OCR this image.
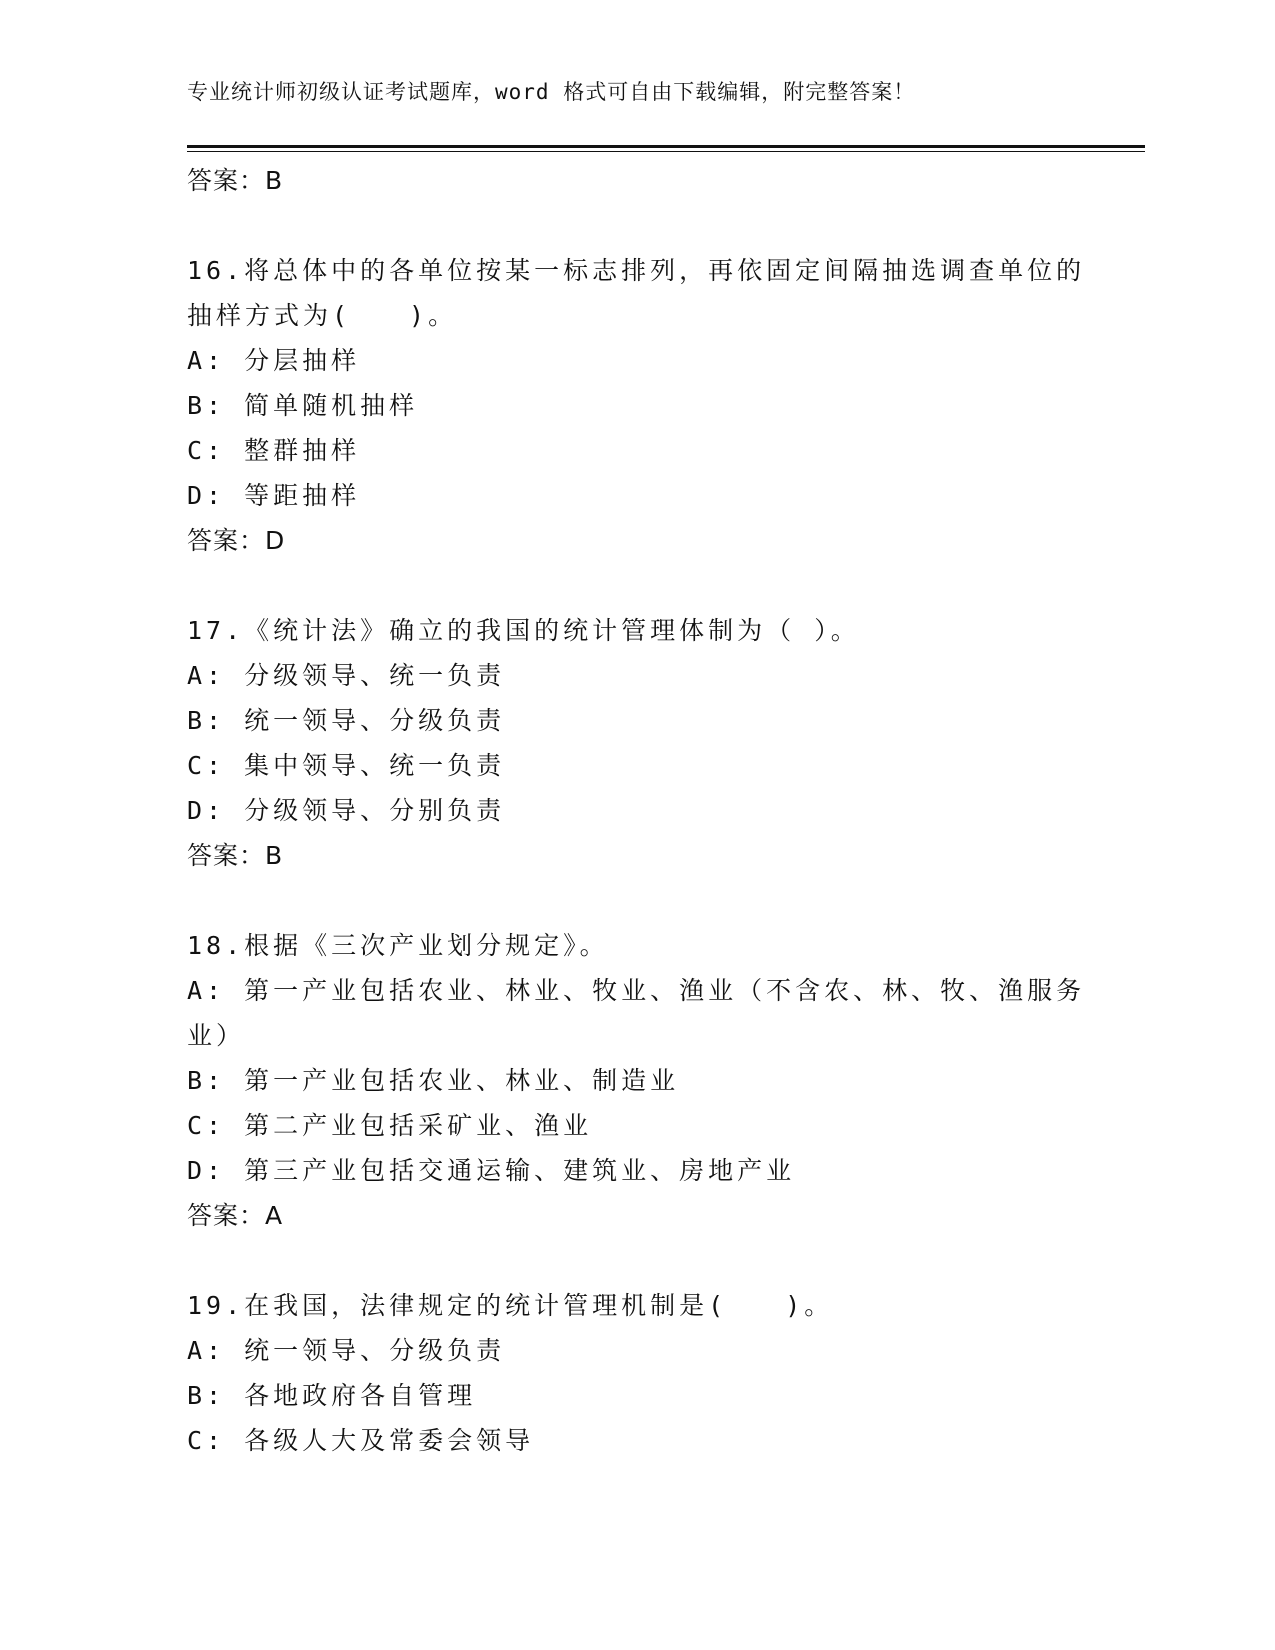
专业统计师初级认证考试题库，word 格式可自由下载编辑，附完整答案！
答案：B
16.将总体中的各单位按某一标志排列，再依固定间隔抽选调查单位的
抽样方式为(　　)。
A: 分层抽样
B: 简单随机抽样
C: 整群抽样
D: 等距抽样
答案：D
17.《统计法》确立的我国的统计管理体制为（ ）。
A: 分级领导、统一负责
B: 统一领导、分级负责
C: 集中领导、统一负责
D: 分级领导、分别负责
答案：B
18.根据《三次产业划分规定》。
A: 第一产业包括农业、林业、牧业、渔业（不含农、林、牧、渔服务
业）
B: 第一产业包括农业、林业、制造业
C: 第二产业包括采矿业、渔业
D: 第三产业包括交通运输、建筑业、房地产业
答案：A
19.在我国，法律规定的统计管理机制是(　　)。
A: 统一领导、分级负责
B: 各地政府各自管理
C: 各级人大及常委会领导
